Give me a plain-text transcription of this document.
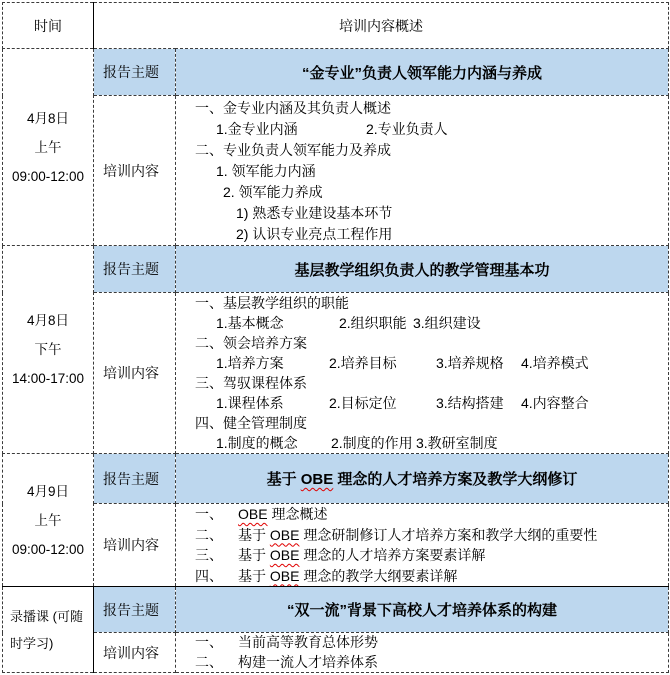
时间	培训内容概述	

4月8日
上午
09:00-12:00	报告主题	“金专业”负责人领军能力内涵与养成
培训内容	
一、金专业内涵及其负责人概述
1.金专业内涵	2.专业负责人
二、专业负责人领军能力及养成
1. 领军能力内涵
2. 领军能力养成
1) 熟悉专业建设基本环节
2) 认识专业亮点工程作用

4月8日
下午
14:00-17:00	报告主题	基层教学组织负责人的教学管理基本功
培训内容	
一、基层教学组织的职能
1.基本概念	2.组织职能 3.组织建设
二、领会培养方案
1.培养方案	2.培养目标	3.培养规格 4.培养模式
三、驾驭课程体系
1.课程体系	2.目标定位	3.结构搭建 4.内容整合
四、健全管理制度
1.制度的概念 2.制度的作用 3.教研室制度

4月9日
上午
09:00-12:00	报告主题	基于 OBE 理念的人才培养方案及教学大纲修订
	培训内容	一、 OBE 理念概述
二、 基于 OBE 理念研制修订人才培养方案和教学大纲的重要性
三、 基于 OBE 理念的人才培养方案要素详解
四、 基于 OBE 理念的教学大纲要素详解

录播课 (可随时学习)	报告主题	“双一流”背景下高校人才培养体系的构建
	培训内容	一、 当前高等教育总体形势
二、 构建一流人才培养体系
